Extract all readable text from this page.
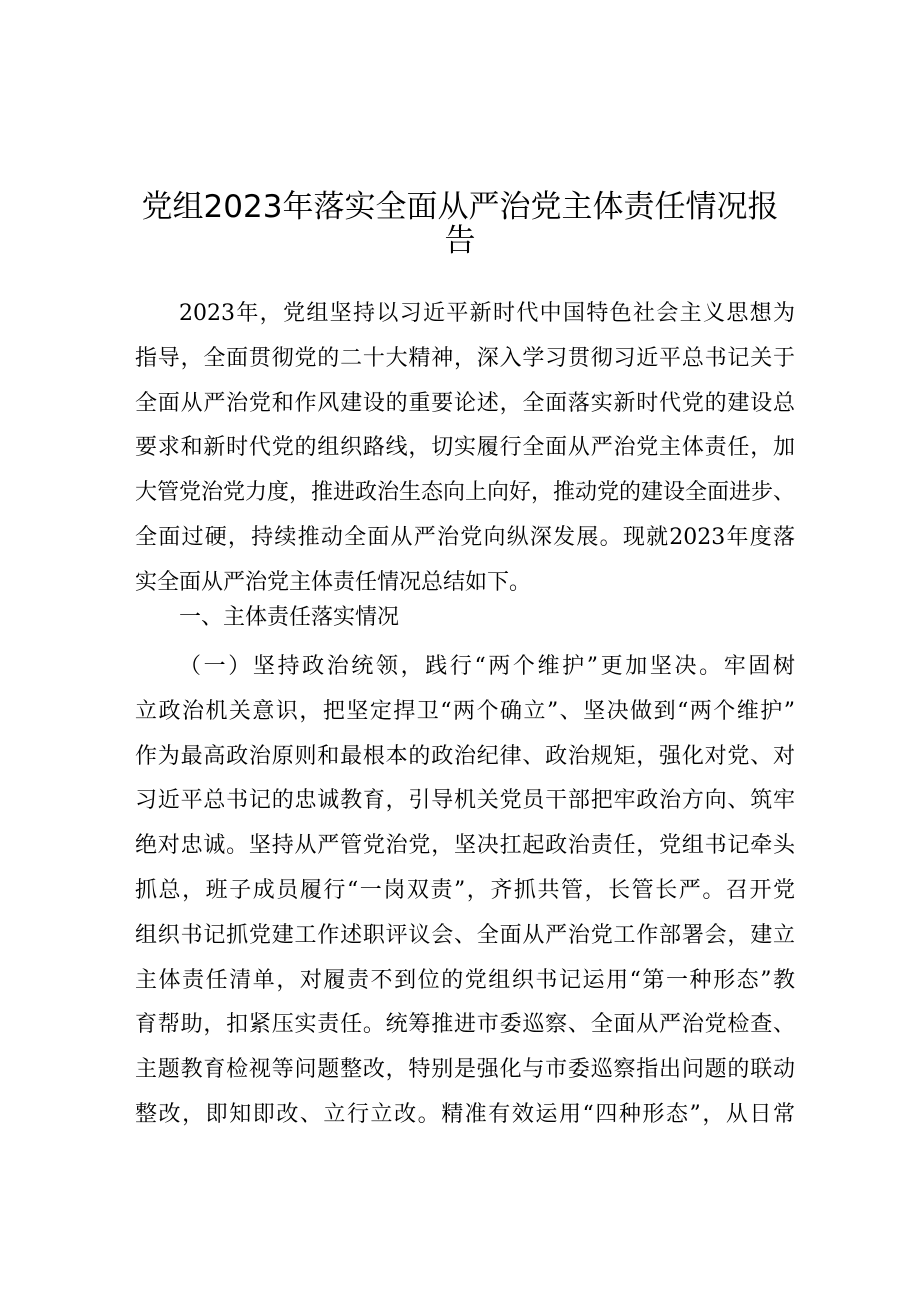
党组2023年落实全面从严治党主体责任情况报告
2023年，党组坚持以习近平新时代中国特色社会主义思想为
指导，全面贯彻党的二十大精神，深入学习贯彻习近平总书记关于
全面从严治党和作风建设的重要论述，全面落实新时代党的建设总
要求和新时代党的组织路线，切实履行全面从严治党主体责任，加
大管党治党力度，推进政治生态向上向好，推动党的建设全面进步、
全面过硬，持续推动全面从严治党向纵深发展。现就2023年度落
实全面从严治党主体责任情况总结如下。
一、主体责任落实情况
（一）坚持政治统领，践行“两个维护”更加坚决。牢固树
立政治机关意识，把坚定捍卫“两个确立”、坚决做到“两个维护”
作为最高政治原则和最根本的政治纪律、政治规矩，强化对党、对
习近平总书记的忠诚教育，引导机关党员干部把牢政治方向、筑牢
绝对忠诚。坚持从严管党治党，坚决扛起政治责任，党组书记牵头
抓总，班子成员履行“一岗双责”，齐抓共管，长管长严。召开党
组织书记抓党建工作述职评议会、全面从严治党工作部署会，建立
主体责任清单，对履责不到位的党组织书记运用“第一种形态”教
育帮助，扣紧压实责任。统筹推进市委巡察、全面从严治党检查、
主题教育检视等问题整改，特别是强化与市委巡察指出问题的联动
整改，即知即改、立行立改。精准有效运用“四种形态”，从日常
